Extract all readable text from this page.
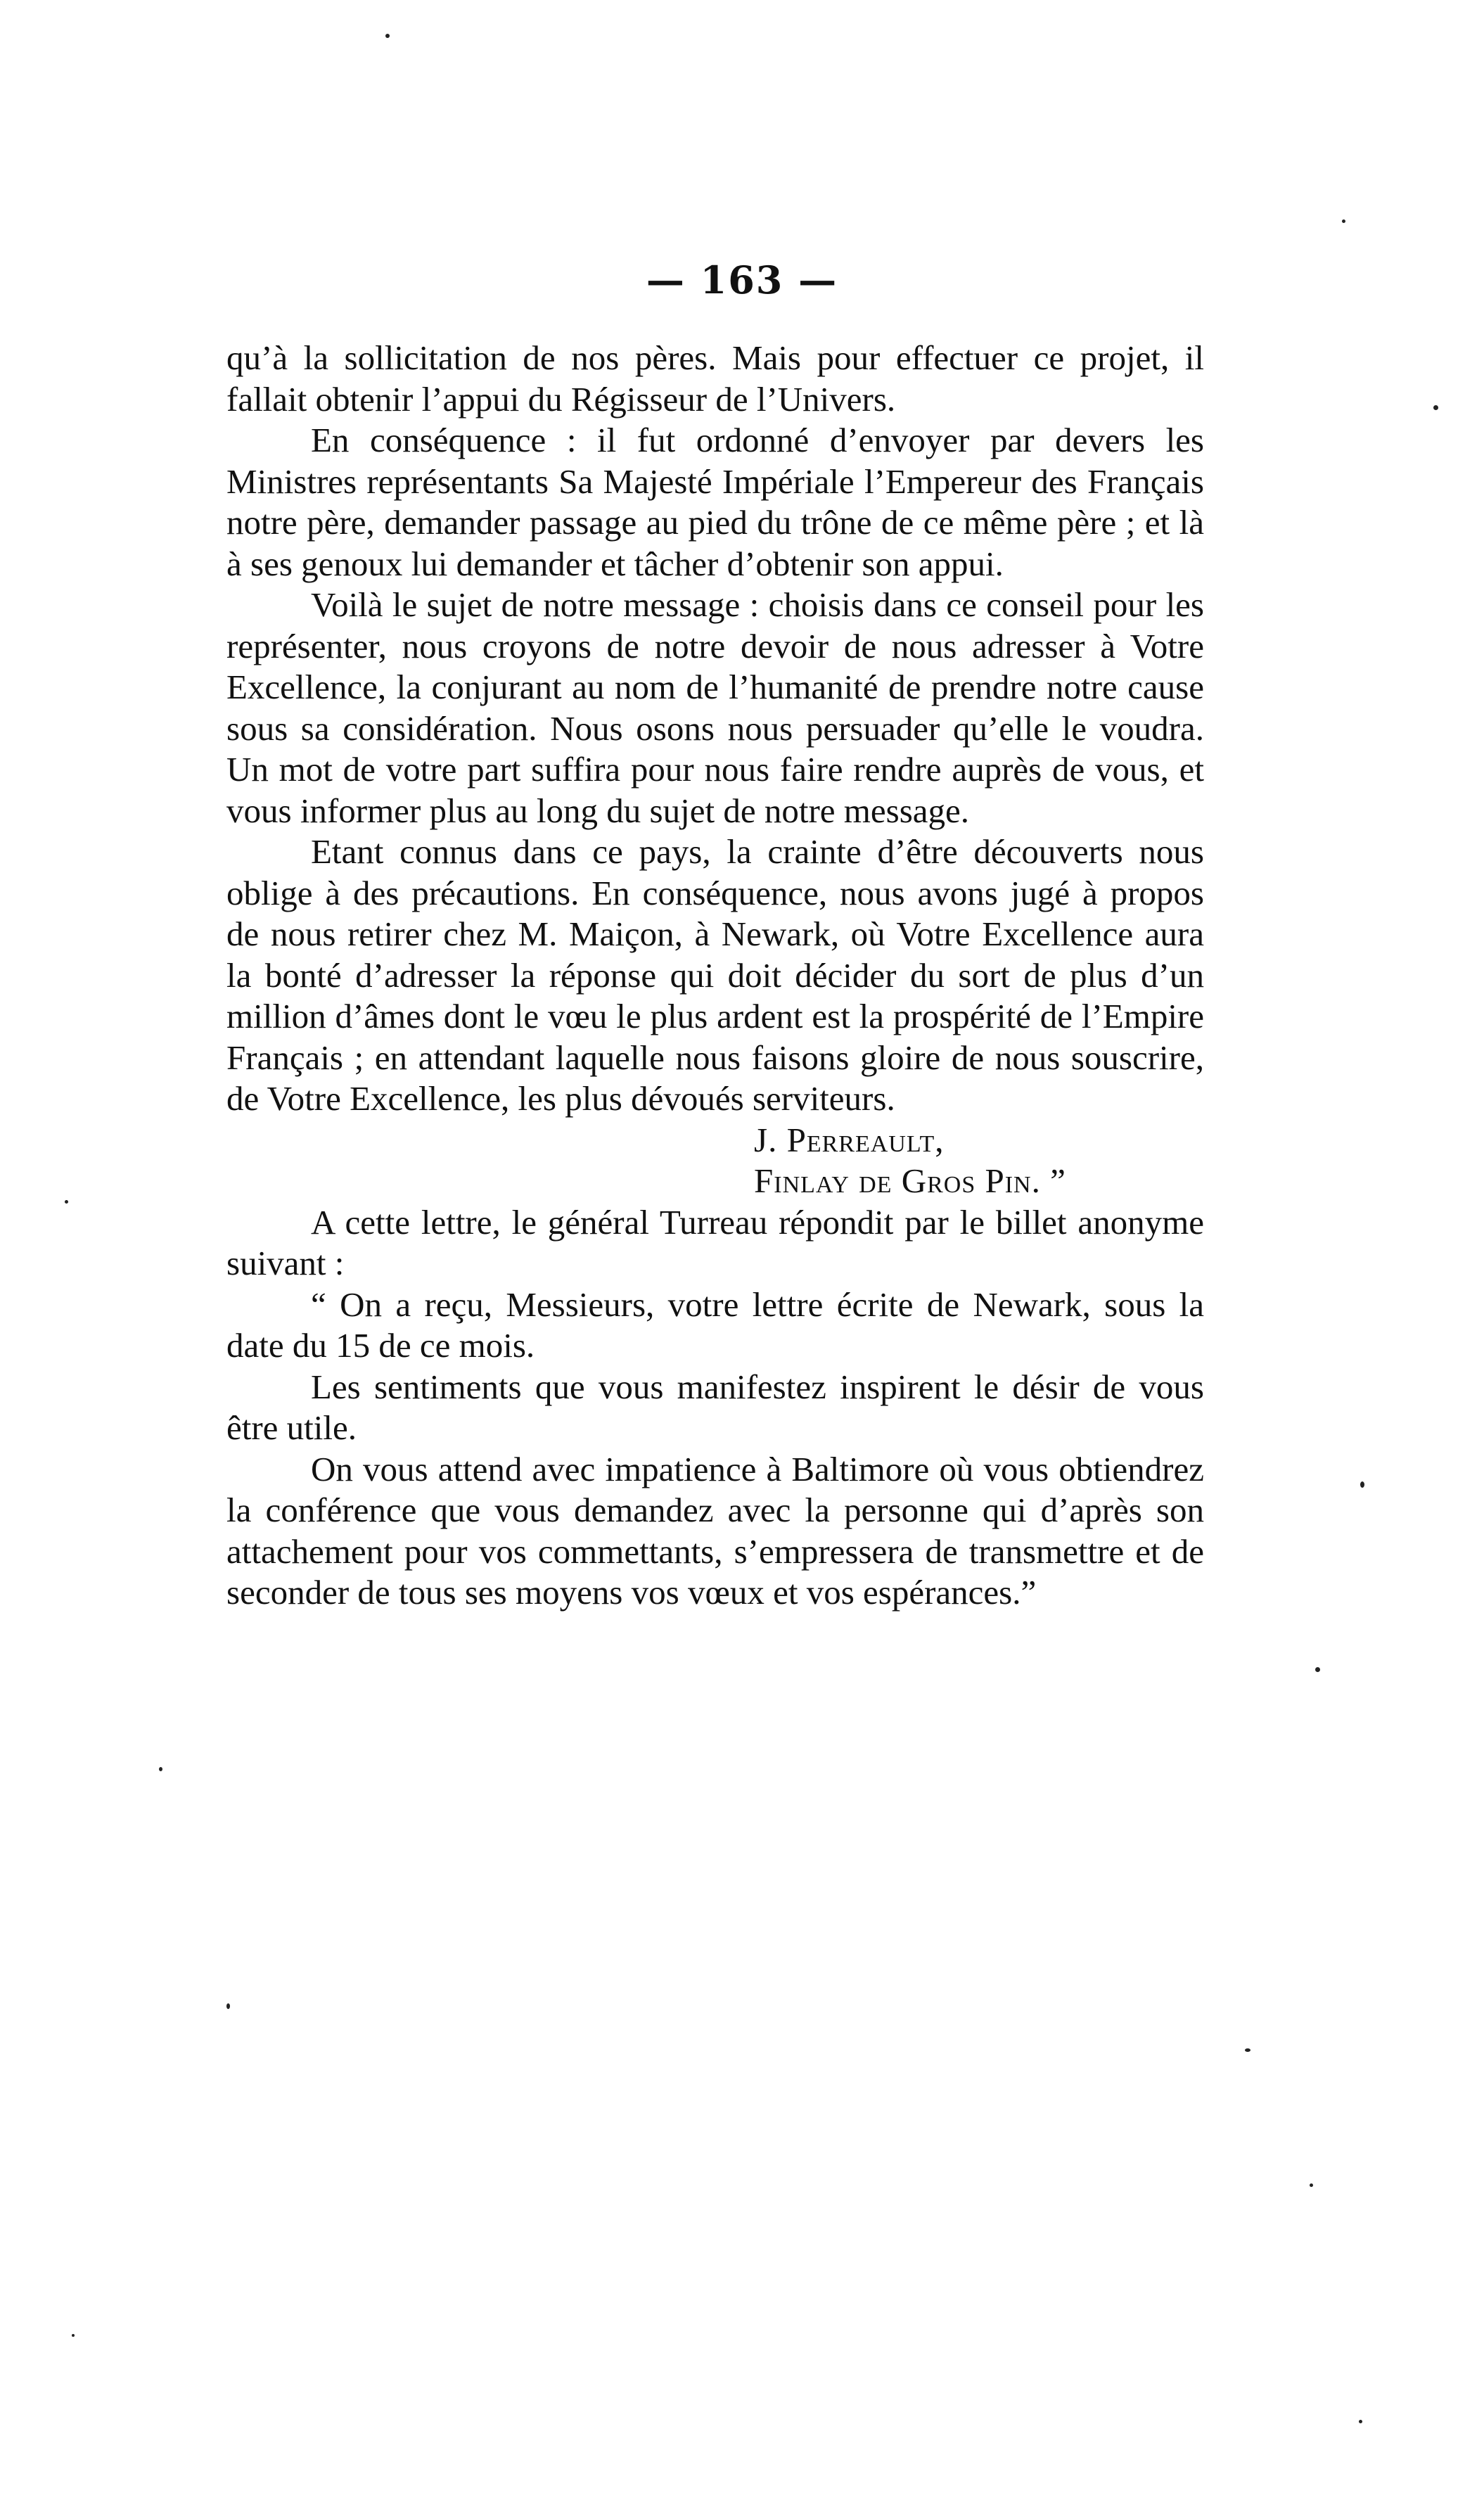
— 163 —

qu’à la sollicitation de nos pères. Mais pour effectuer ce projet, il fallait obtenir l’appui du Régisseur de l’Univers.

En conséquence : il fut ordonné d’envoyer par devers les Ministres représentants Sa Majesté Impériale l’Empereur des Français notre père, demander passage au pied du trône de ce même père ; et là à ses genoux lui demander et tâcher d’obtenir son appui.

Voilà le sujet de notre message : choisis dans ce conseil pour les représenter, nous croyons de notre devoir de nous adresser à Votre Excellence, la conjurant au nom de l’humanité de prendre notre cause sous sa considération. Nous osons nous persuader qu’elle le voudra. Un mot de votre part suffira pour nous faire rendre auprès de vous, et vous informer plus au long du sujet de notre message.

Etant connus dans ce pays, la crainte d’être découverts nous oblige à des précautions. En conséquence, nous avons jugé à propos de nous retirer chez M. Maiçon, à Newark, où Votre Excellence aura la bonté d’adresser la réponse qui doit décider du sort de plus d’un million d’âmes dont le vœu le plus ardent est la prospérité de l’Empire Français ; en attendant laquelle nous faisons gloire de nous souscrire, de Votre Excellence, les plus dévoués serviteurs.

J. Perreault,

Finlay de Gros Pin. ”

A cette lettre, le général Turreau répondit par le billet anonyme suivant :

“ On a reçu, Messieurs, votre lettre écrite de Newark, sous la date du 15 de ce mois.

Les sentiments que vous manifestez inspirent le désir de vous être utile.

On vous attend avec impatience à Baltimore où vous obtiendrez la conférence que vous demandez avec la personne qui d’après son attachement pour vos commettants, s’empressera de transmettre et de seconder de tous ses moyens vos vœux et vos espérances.”
